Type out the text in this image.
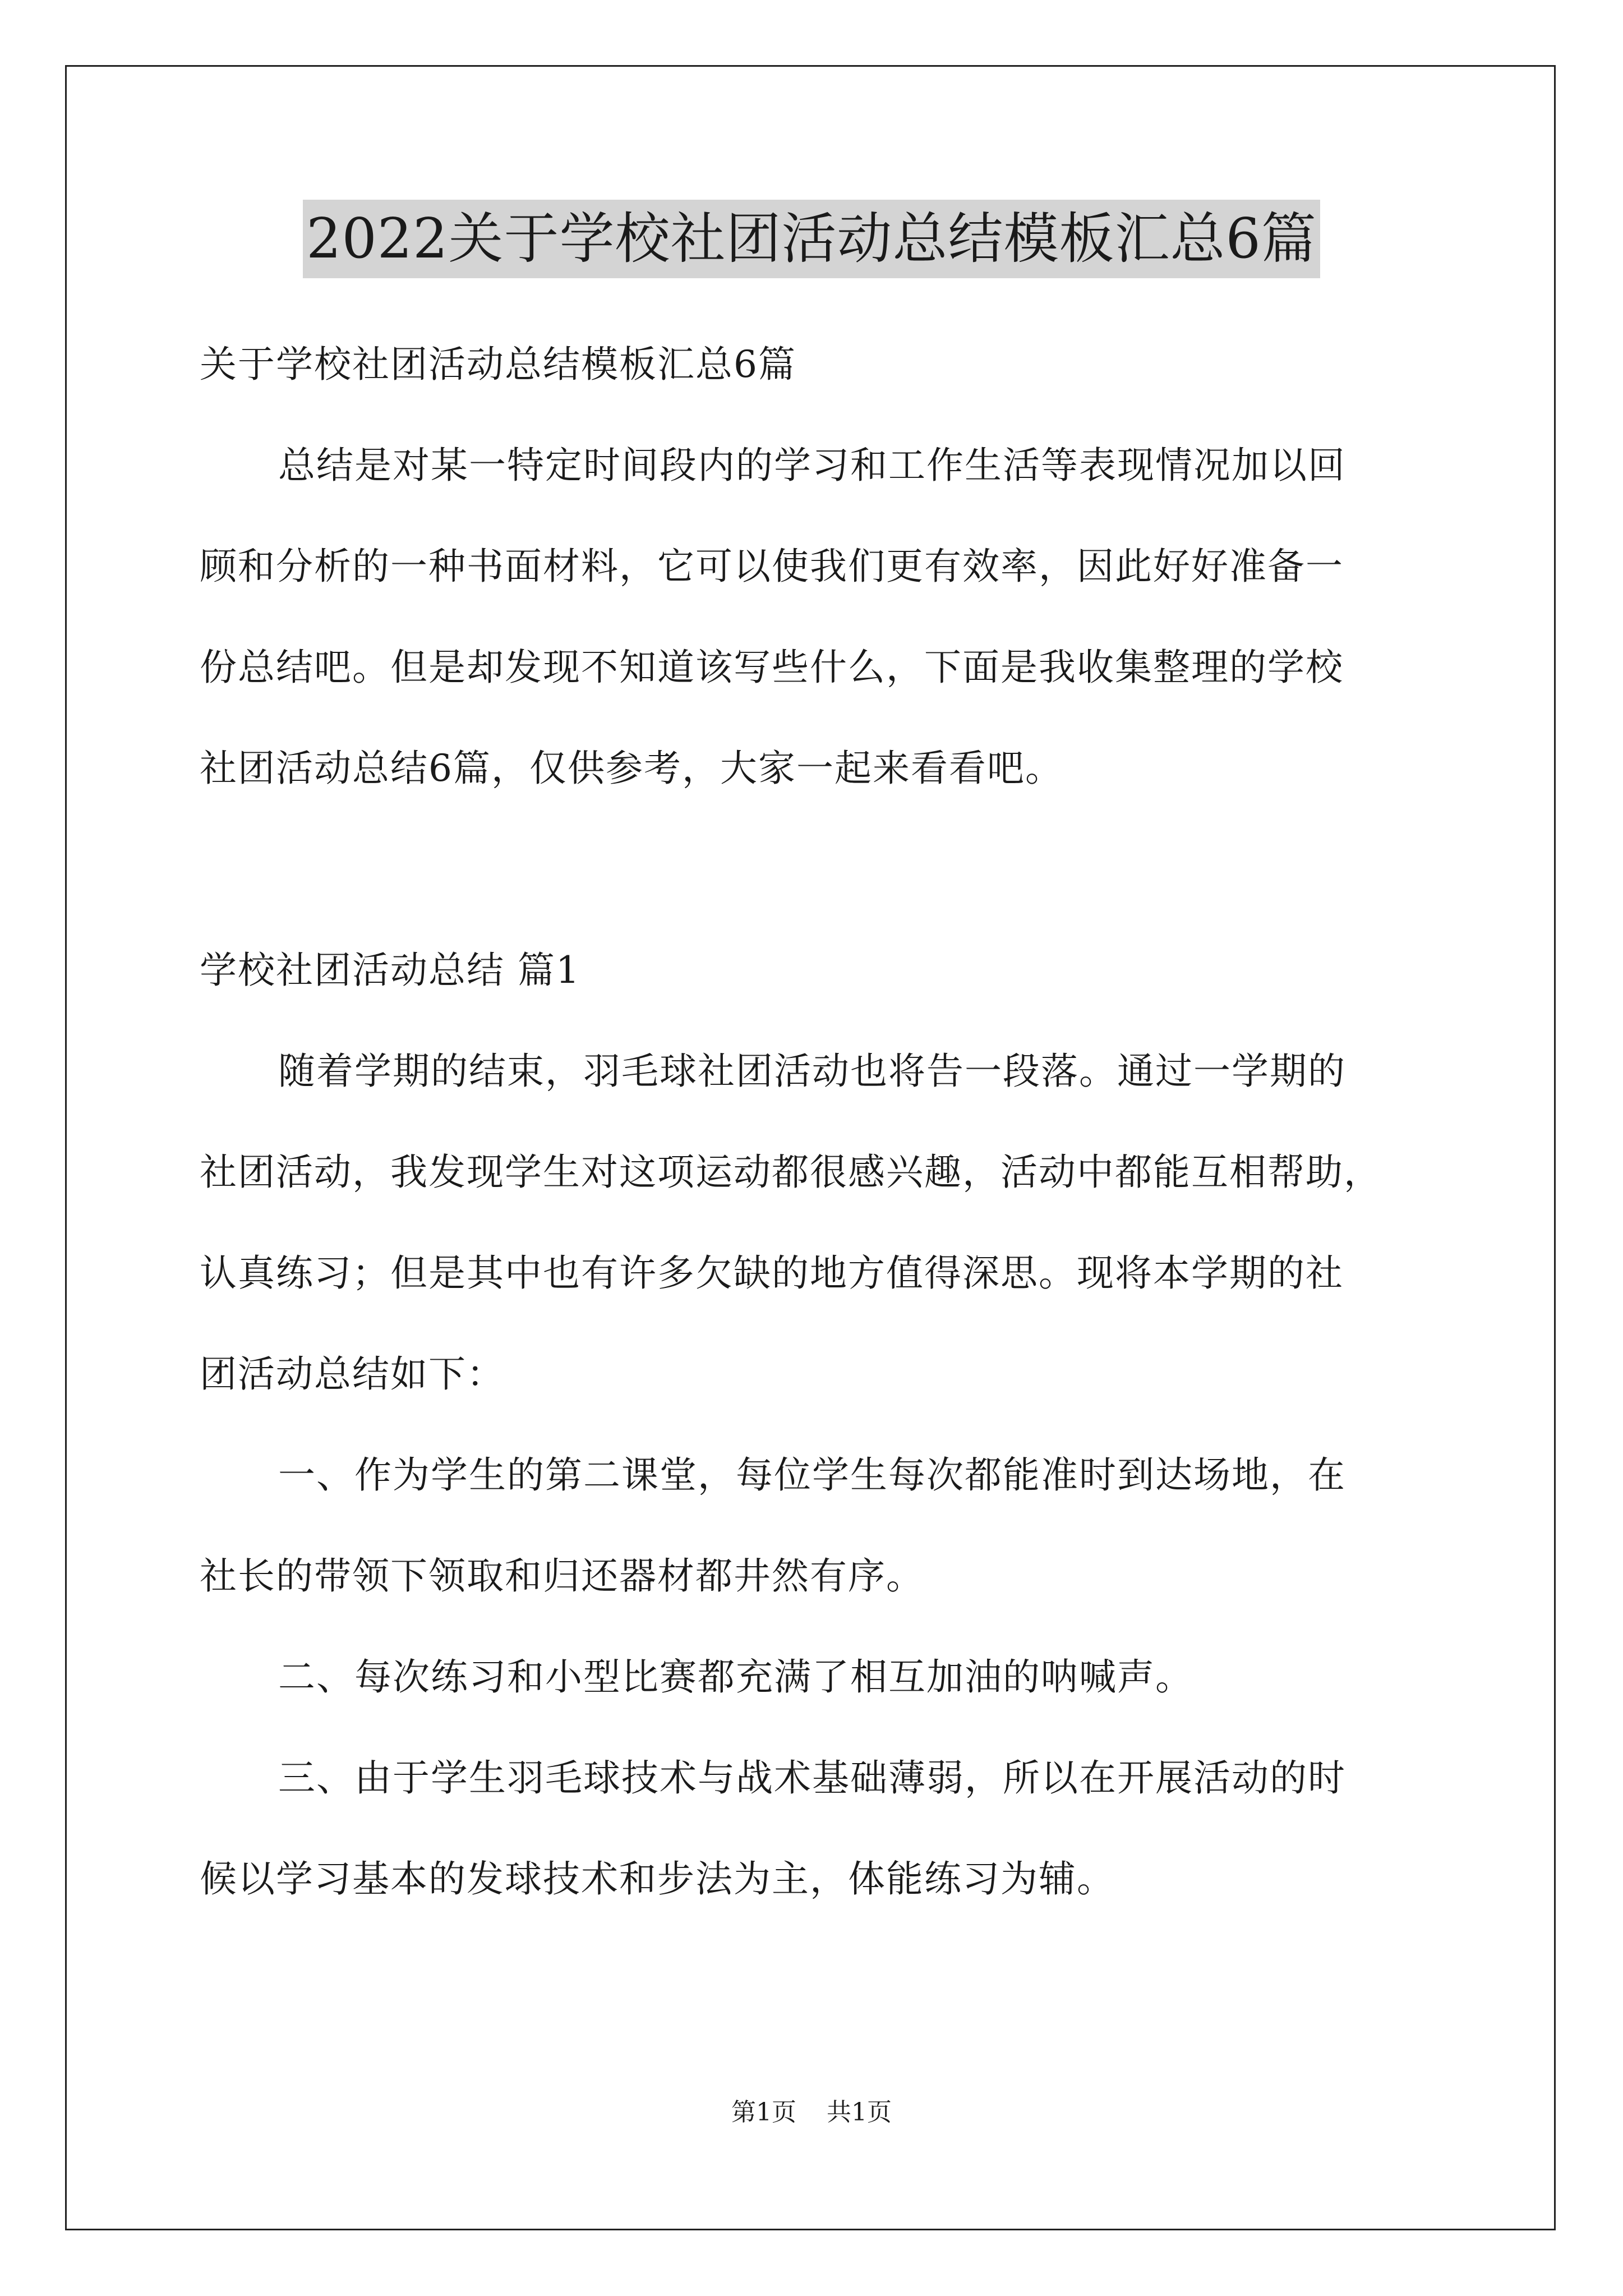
2022关于学校社团活动总结模板汇总6篇
关于学校社团活动总结模板汇总6篇
总结是对某一特定时间段内的学习和工作生活等表现情况加以回
顾和分析的一种书面材料，它可以使我们更有效率，因此好好准备一
份总结吧。但是却发现不知道该写些什么，下面是我收集整理的学校
社团活动总结6篇，仅供参考，大家一起来看看吧。
学校社团活动总结 篇1
随着学期的结束，羽毛球社团活动也将告一段落。通过一学期的
社团活动，我发现学生对这项运动都很感兴趣，活动中都能互相帮助，
认真练习；但是其中也有许多欠缺的地方值得深思。现将本学期的社
团活动总结如下：
一、作为学生的第二课堂，每位学生每次都能准时到达场地，在
社长的带领下领取和归还器材都井然有序。
二、每次练习和小型比赛都充满了相互加油的呐喊声。
三、由于学生羽毛球技术与战术基础薄弱，所以在开展活动的时
候以学习基本的发球技术和步法为主，体能练习为辅。
第1页 共1页
